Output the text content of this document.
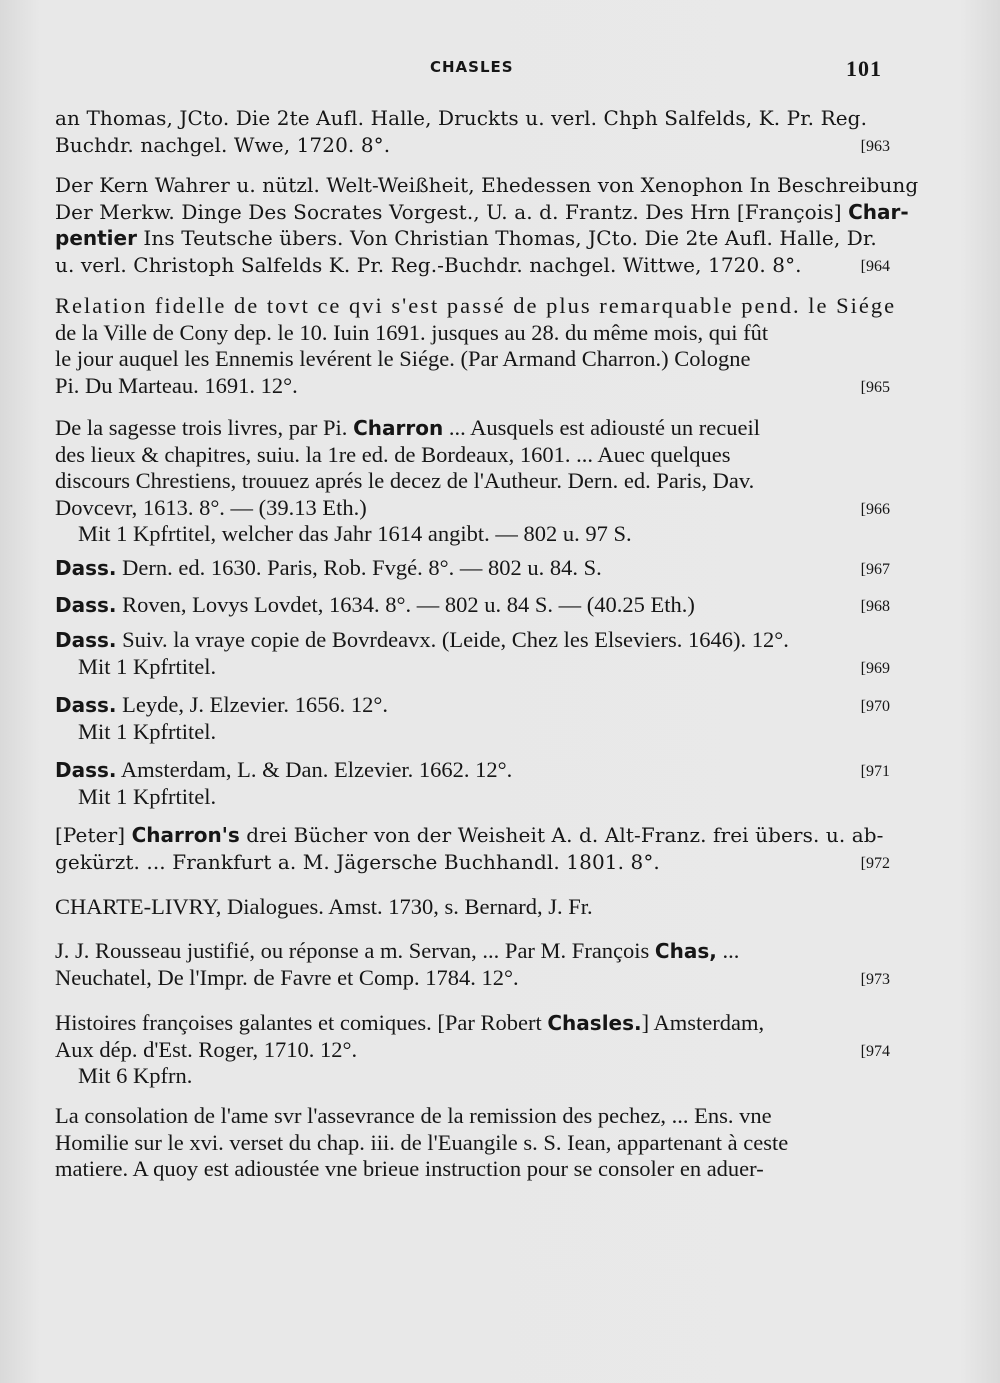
CHASLES	101
an Thomas, JCto. Die 2te Aufl. Halle, Druckts u. verl. Chph Salfelds, K. Pr. Reg.
Buchdr. nachgel. Wwe, 1720. 8°.	[963
Der Kern Wahrer u. nützl. Welt-Weißheit, Ehedessen von Xenophon In Beschreibung
Der Merkw. Dinge Des Socrates Vorgest., U. a. d. Frantz. Des Hrn [François] Char-
pentier Ins Teutsche übers. Von Christian Thomas, JCto. Die 2te Aufl. Halle, Dr.
u. verl. Christoph Salfelds K. Pr. Reg.-Buchdr. nachgel. Wittwe, 1720. 8°.	[964
Relation fidelle de tovt ce qvi s'est passé de plus remarquable pend. le Siége
de la Ville de Cony dep. le 10. Iuin 1691. jusques au 28. du même mois, qui fût
le jour auquel les Ennemis levérent le Siége. (Par Armand Charron.) Cologne
Pi. Du Marteau. 1691. 12°.	[965
De la sagesse trois livres, par Pi. Charron ... Ausquels est adiousté un recueil
des lieux & chapitres, suiu. la 1re ed. de Bordeaux, 1601. ... Auec quelques
discours Chrestiens, trouuez aprés le decez de l'Autheur. Dern. ed. Paris, Dav.
Dovcevr, 1613. 8°. — (39.13 Eth.)	[966
Mit 1 Kpfrtitel, welcher das Jahr 1614 angibt. — 802 u. 97 S.
Dass. Dern. ed. 1630. Paris, Rob. Fvgé. 8°. — 802 u. 84. S.	[967
Dass. Roven, Lovys Lovdet, 1634. 8°. — 802 u. 84 S. — (40.25 Eth.)	[968
Dass. Suiv. la vraye copie de Bovrdeavx. (Leide, Chez les Elseviers. 1646). 12°.
Mit 1 Kpfrtitel.	[969
Dass. Leyde, J. Elzevier. 1656. 12°.	[970
Mit 1 Kpfrtitel.
Dass. Amsterdam, L. & Dan. Elzevier. 1662. 12°.	[971
Mit 1 Kpfrtitel.
[Peter] Charron's drei Bücher von der Weisheit A. d. Alt-Franz. frei übers. u. ab-
gekürzt. ... Frankfurt a. M. Jägersche Buchhandl. 1801. 8°.	[972
CHARTE-LIVRY, Dialogues. Amst. 1730, s. Bernard, J. Fr.
J. J. Rousseau justifié, ou réponse a m. Servan, ... Par M. François Chas, ...
Neuchatel, De l'Impr. de Favre et Comp. 1784. 12°.	[973
Histoires françoises galantes et comiques. [Par Robert Chasles.] Amsterdam,
Aux dép. d'Est. Roger, 1710. 12°.	[974
Mit 6 Kpfrn.
La consolation de l'ame svr l'assevrance de la remission des pechez, ... Ens. vne
Homilie sur le xvi. verset du chap. iii. de l'Euangile s. S. Iean, appartenant à ceste
matiere. A quoy est adioustée vne brieue instruction pour se consoler en aduer-
